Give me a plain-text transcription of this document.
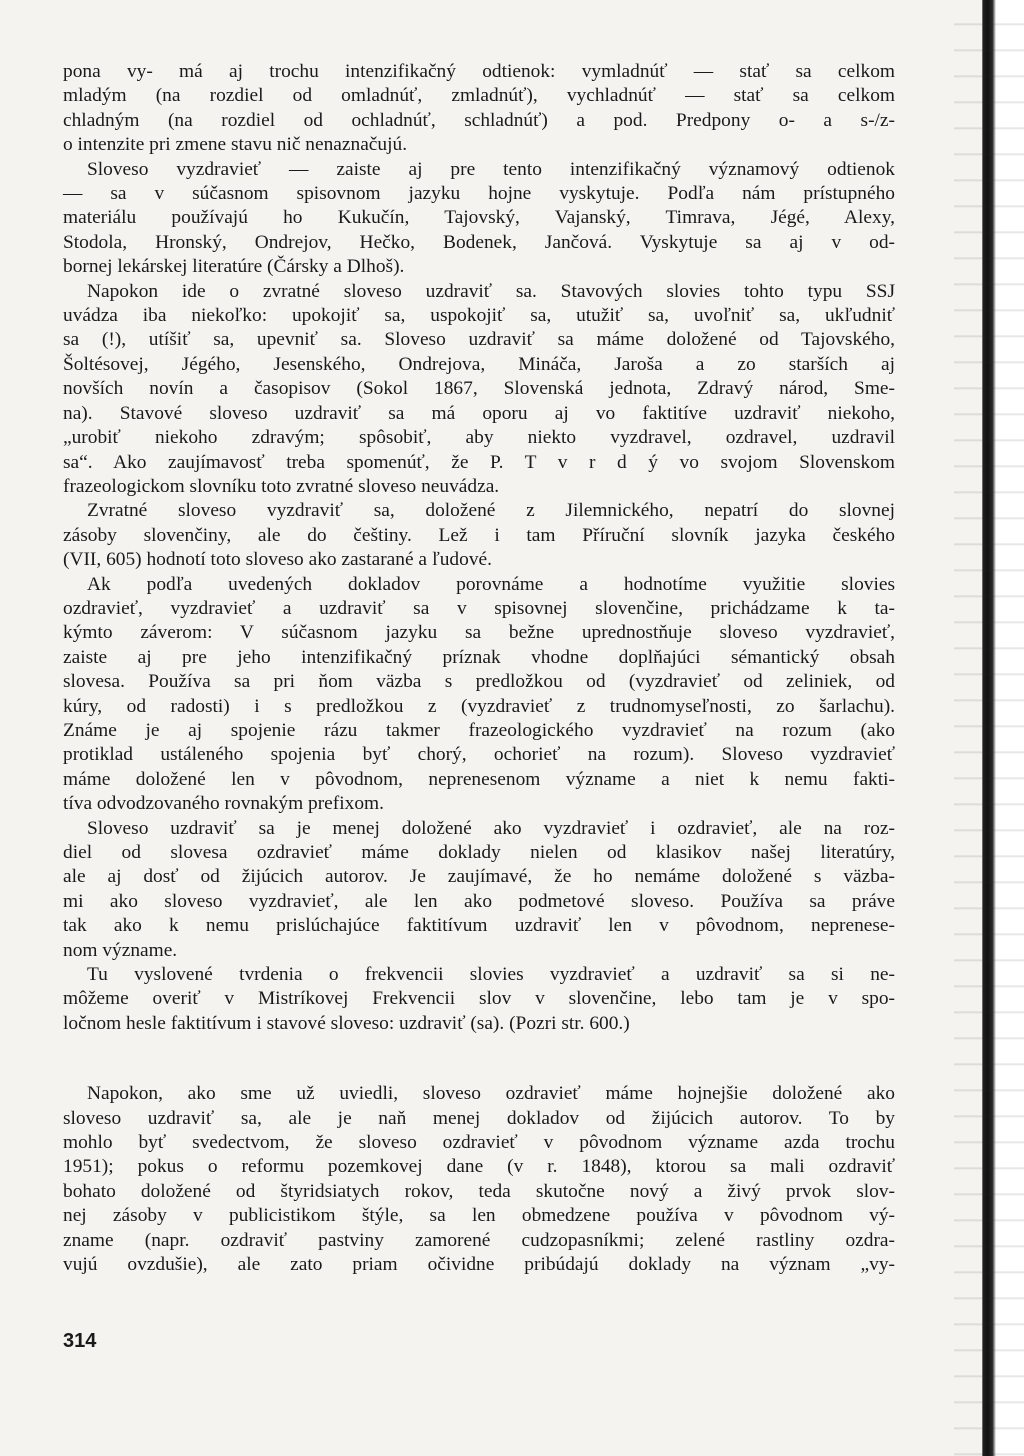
pona vy- má aj trochu intenzifikačný odtienok: vymladnúť — stať sa celkom
mladým (na rozdiel od omladnúť, zmladnúť), vychladnúť — stať sa celkom
chladným (na rozdiel od ochladnúť, schladnúť) a pod. Predpony o- a s-/z-
o intenzite pri zmene stavu nič nenaznačujú.
Sloveso vyzdravieť — zaiste aj pre tento intenzifikačný významový odtienok
— sa v súčasnom spisovnom jazyku hojne vyskytuje. Podľa nám prístupného
materiálu používajú ho Kukučín, Tajovský, Vajanský, Timrava, Jégé, Alexy,
Stodola, Hronský, Ondrejov, Hečko, Bodenek, Jančová. Vyskytuje sa aj v od-
bornej lekárskej literatúre (Čársky a Dlhoš).
Napokon ide o zvratné sloveso uzdraviť sa. Stavových slovies tohto typu SSJ
uvádza iba niekoľko: upokojiť sa, uspokojiť sa, utužiť sa, uvoľniť sa, ukľudniť
sa (!), utíšiť sa, upevniť sa. Sloveso uzdraviť sa máme doložené od Tajovského,
Šoltésovej, Jégého, Jesenského, Ondrejova, Mináča, Jaroša a zo starších aj
novších novín a časopisov (Sokol 1867, Slovenská jednota, Zdravý národ, Sme-
na). Stavové sloveso uzdraviť sa má oporu aj vo faktitíve uzdraviť niekoho,
„urobiť niekoho zdravým; spôsobiť, aby niekto vyzdravel, ozdravel, uzdravil
sa“. Ako zaujímavosť treba spomenúť, že P. T v r d ý vo svojom Slovenskom
frazeologickom slovníku toto zvratné sloveso neuvádza.
Zvratné sloveso vyzdraviť sa, doložené z Jilemnického, nepatrí do slovnej
zásoby slovenčiny, ale do češtiny. Lež i tam Příruční slovník jazyka českého
(VII, 605) hodnotí toto sloveso ako zastarané a ľudové.
Ak podľa uvedených dokladov porovnáme a hodnotíme využitie slovies
ozdravieť, vyzdravieť a uzdraviť sa v spisovnej slovenčine, prichádzame k ta-
kýmto záverom: V súčasnom jazyku sa bežne uprednostňuje sloveso vyzdravieť,
zaiste aj pre jeho intenzifikačný príznak vhodne doplňajúci sémantický obsah
slovesa. Používa sa pri ňom väzba s predložkou od (vyzdravieť od zeliniek, od
kúry, od radosti) i s predložkou z (vyzdravieť z trudnomyseľnosti, zo šarlachu).
Známe je aj spojenie rázu takmer frazeologického vyzdravieť na rozum (ako
protiklad ustáleného spojenia byť chorý, ochorieť na rozum). Sloveso vyzdravieť
máme doložené len v pôvodnom, neprenesenom význame a niet k nemu fakti-
tíva odvodzovaného rovnakým prefixom.
Sloveso uzdraviť sa je menej doložené ako vyzdravieť i ozdravieť, ale na roz-
diel od slovesa ozdravieť máme doklady nielen od klasikov našej literatúry,
ale aj dosť od žijúcich autorov. Je zaujímavé, že ho nemáme doložené s väzba-
mi ako sloveso vyzdravieť, ale len ako podmetové sloveso. Používa sa práve
tak ako k nemu prislúchajúce faktitívum uzdraviť len v pôvodnom, neprenese-
nom význame.
Tu vyslovené tvrdenia o frekvencii slovies vyzdravieť a uzdraviť sa si ne-
môžeme overiť v Mistríkovej Frekvencii slov v slovenčine, lebo tam je v spo-
ločnom hesle faktitívum i stavové sloveso: uzdraviť (sa). (Pozri str. 600.)
Napokon, ako sme už uviedli, sloveso ozdravieť máme hojnejšie doložené ako
sloveso uzdraviť sa, ale je naň menej dokladov od žijúcich autorov. To by
mohlo byť svedectvom, že sloveso ozdravieť v pôvodnom význame azda trochu
1951); pokus o reformu pozemkovej dane (v r. 1848), ktorou sa mali ozdraviť
bohato doložené od štyridsiatych rokov, teda skutočne nový a živý prvok slov-
nej zásoby v publicistikom štýle, sa len obmedzene používa v pôvodnom vý-
zname (napr. ozdraviť pastviny zamorené cudzopasníkmi; zelené rastliny ozdra-
vujú ovzdušie), ale zato priam očividne pribúdajú doklady na význam „vy-
314
